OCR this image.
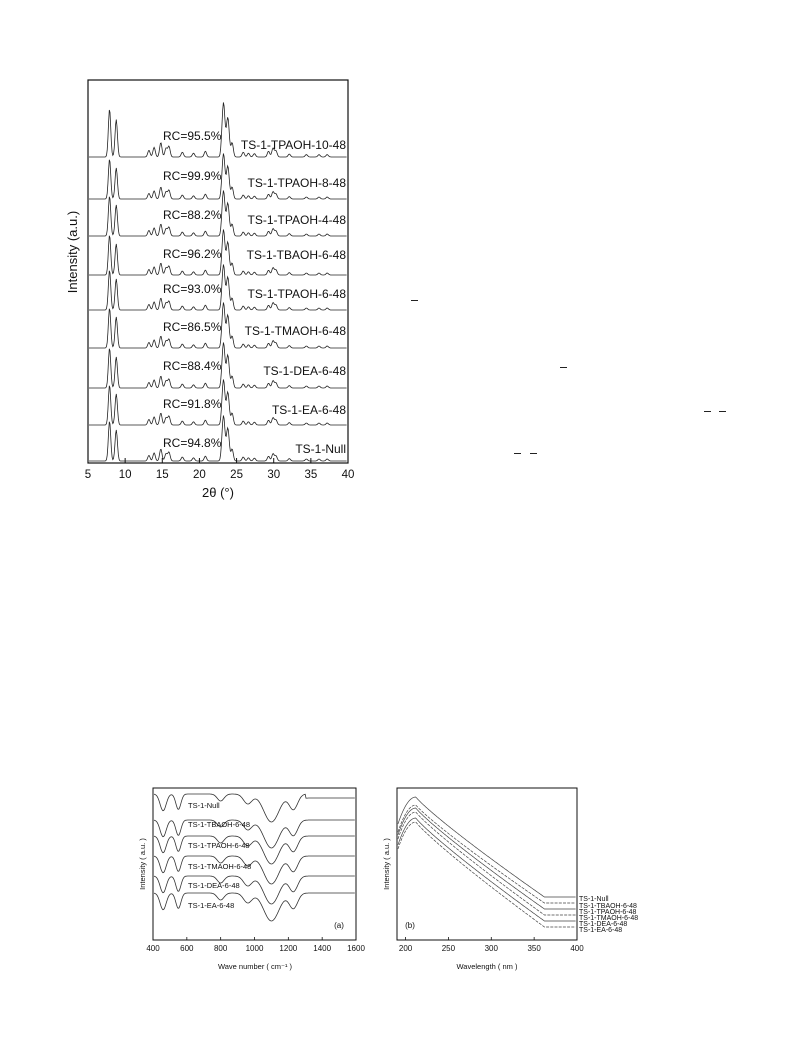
5 10 15 20 25 30 35 40
RC=95.5%
TS-1-TPAOH-10-48
RC=99.9% TS-1-TPAOH-8-48
RC=88.2% TS-1-TPAOH-4-48
RC=96.2% TS-1-TBAOH-6-48
RC=93.0% TS-1-TPAOH-6-48
RC=86.5% TS-1-TMAOH-6-48
RC=88.4%	TS-1-DEA-6-48
RC=91.8%	TS-1-EA-6-48
RC=94.8%	TS-1-Null
2θ (°)
Intensity (a.u.)
400	600	800 1000 1200 1400 1600
TS-1-Null
TS-1-TBAOH-6-48
TS-1-TPAOH-6-48
TS-1-TMAOH-6-48
TS-1-DEA-6-48
TS-1-EA-6-48
(a)
Wave number ( cm⁻¹ )
Intensity ( a.u. )
200	250	300	350	400
TS-1-Null
TS-1-TBAOH-6-48
TS-1-TPAOH-6-48
TS-1-TMAOH-6-48
TS-1-DEA-6-48
TS-1-EA-6-48
(b)
Wavelength ( nm )
Intensity ( a.u. )
